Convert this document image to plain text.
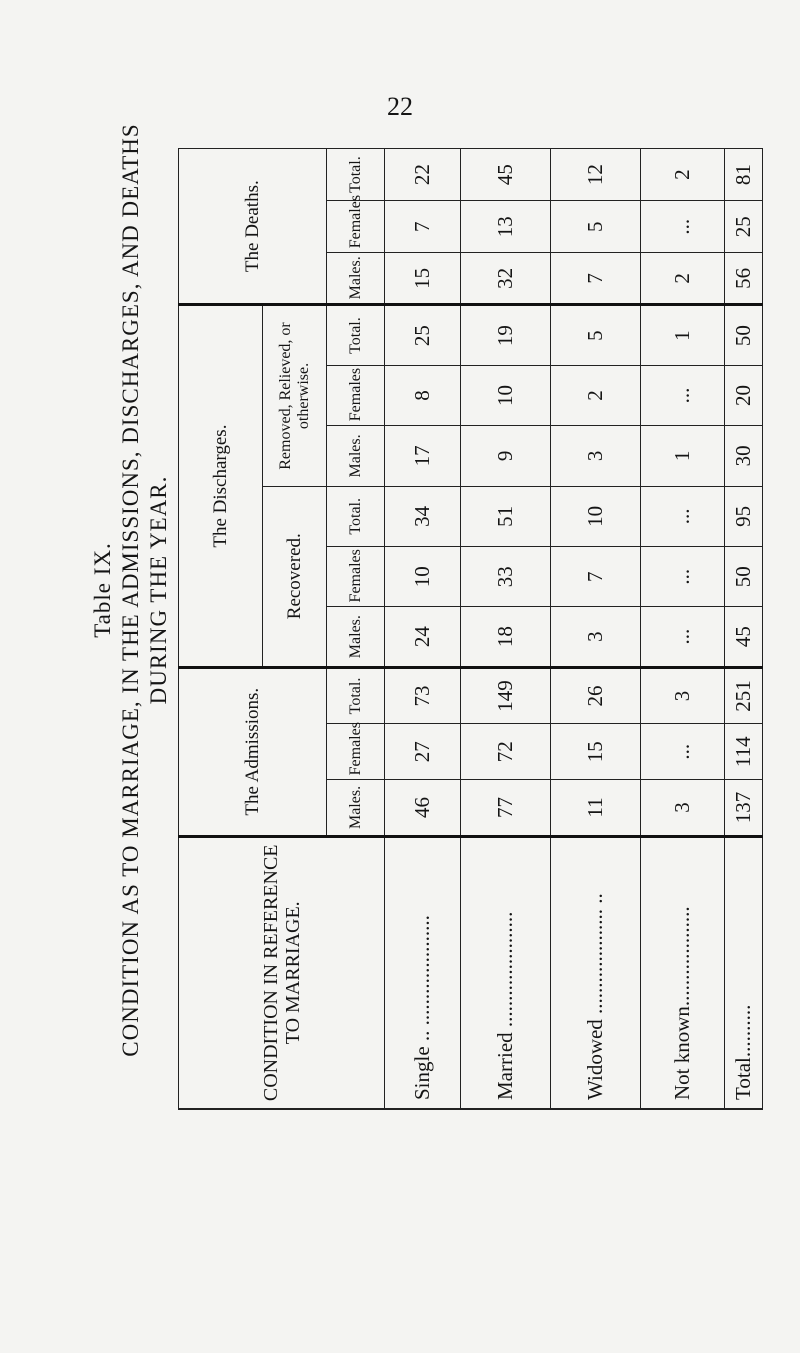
22
Table IX. CONDITION AS TO MARRIAGE, IN THE ADMISSIONS, DISCHARGES, AND DEATHS DURING THE YEAR.
CONDITION IN REFERENCE TO MARRIAGE.	The Admissions.			The Discharges.						The Deaths.		
				Recovered.			Removed, Relieved, or otherwise.					
	Males.	Females	Total.	Males.	Females	Total.	Males.	Females	Total.	Males.	Females	Total.
Single .. .....................	46	27	73	24	10	34	17	8	25	15	7	22
Married ......................	77	72	149	18	33	51	9	10	19	32	13	45
Widowed .................... ..	11	15	26	3	7	10	3	2	5	7	5	12
Not known...................	3	...	3	...	...	...	1	...	1	2	...	2
Total..........	137	114	251	45	50	95	30	20	50	56	25	81
